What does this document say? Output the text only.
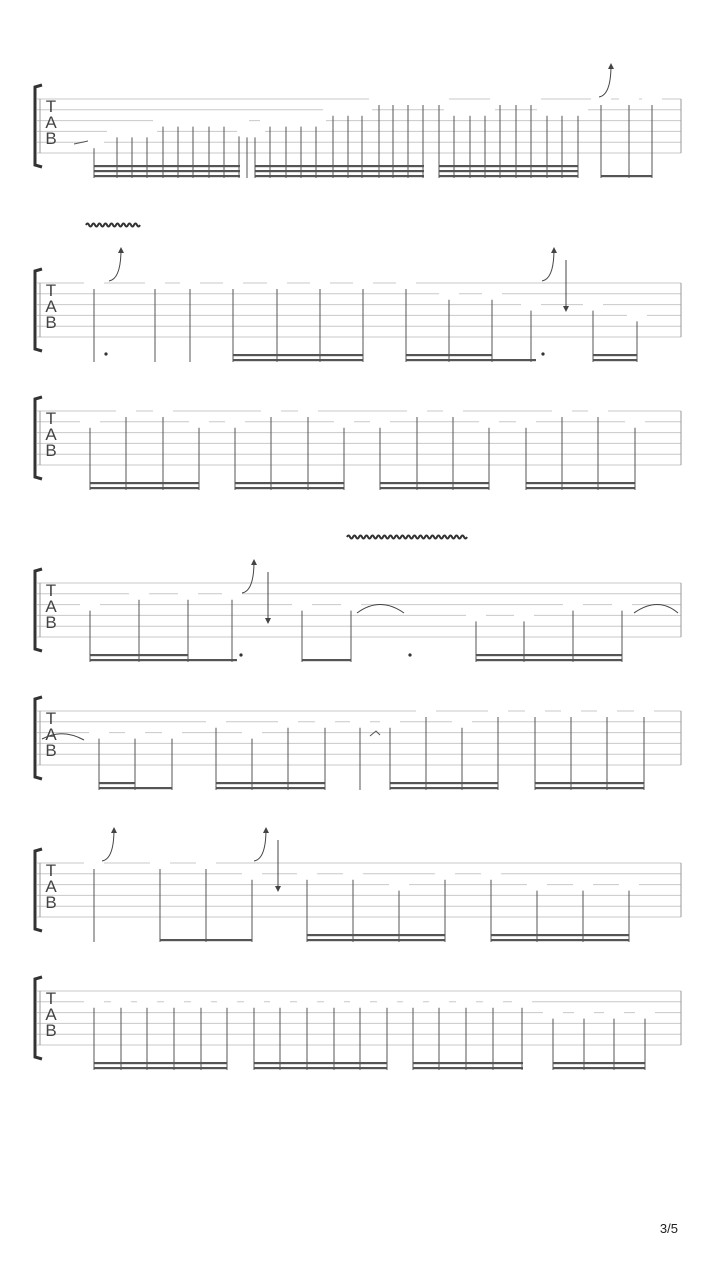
T
A
B
T
A
B
T
A
B
T
A
B
T
A
B
T
A
B
T
A
B
3/5
